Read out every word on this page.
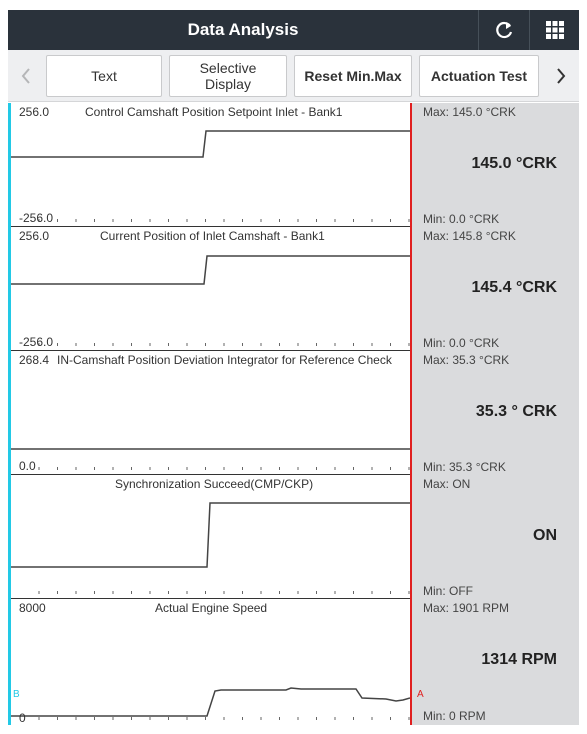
Data Analysis
Text	Selective Display	Reset Min.Max	Actuation Test
256.0
-256.0
Control Camshaft Position Setpoint Inlet - Bank1	Max: 145.0 °CRK
145.0 °CRK
Min: 0.0 °CRK
256.0
-256.0
Current Position of Inlet Camshaft - Bank1	Max: 145.8 °CRK
145.4 °CRK
Min: 0.0 °CRK
268.4
0.0
IN-Camshaft Position Deviation Integrator for Reference Check	Max: 35.3 °CRK
35.3 ° CRK
Min: 35.3 °CRK
Synchronization Succeed(CMP/CKP)	Max: ON
ON
Min: OFF
8000
0
Actual Engine Speed	Max: 1901 RPM
1314 RPM
Min: 0 RPM
B	A
